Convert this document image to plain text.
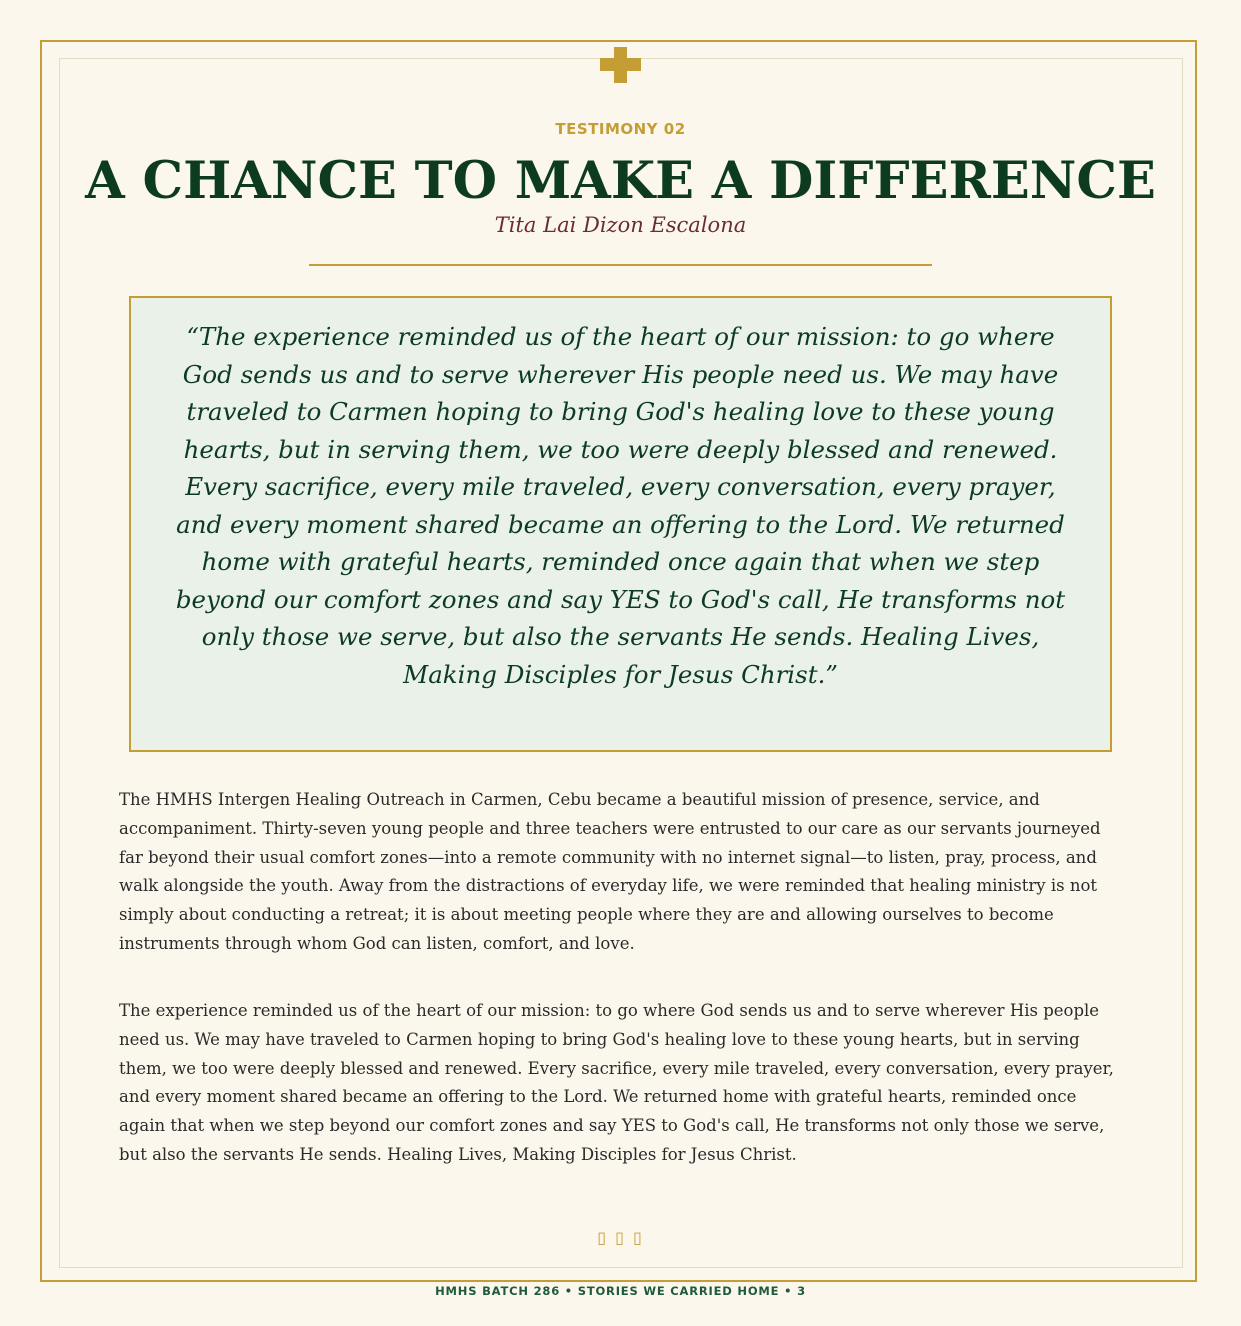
TESTIMONY 02
A CHANCE TO MAKE A DIFFERENCE
Tita Lai Dizon Escalona

“The experience reminded us of the heart of our mission: to go where God sends us and to serve wherever His people need us. We may have traveled to Carmen hoping to bring God's healing love to these young hearts, but in serving them, we too were deeply blessed and renewed. Every sacrifice, every mile traveled, every conversation, every prayer, and every moment shared became an offering to the Lord. We returned home with grateful hearts, reminded once again that when we step beyond our comfort zones and say YES to God's call, He transforms not only those we serve, but also the servants He sends. Healing Lives, Making Disciples for Jesus Christ.”

The HMHS Intergen Healing Outreach in Carmen, Cebu became a beautiful mission of presence, service, and accompaniment. Thirty-seven young people and three teachers were entrusted to our care as our servants journeyed far beyond their usual comfort zones—into a remote community with no internet signal—to listen, pray, process, and walk alongside the youth. Away from the distractions of everyday life, we were reminded that healing ministry is not simply about conducting a retreat; it is about meeting people where they are and allowing ourselves to become instruments through whom God can listen, comfort, and love.

The experience reminded us of the heart of our mission: to go where God sends us and to serve wherever His people need us. We may have traveled to Carmen hoping to bring God's healing love to these young hearts, but in serving them, we too were deeply blessed and renewed. Every sacrifice, every mile traveled, every conversation, every prayer, and every moment shared became an offering to the Lord. We returned home with grateful hearts, reminded once again that when we step beyond our comfort zones and say YES to God's call, He transforms not only those we serve, but also the servants He sends. Healing Lives, Making Disciples for Jesus Christ.

▯ ▯ ▯
HMHS BATCH 286 • STORIES WE CARRIED HOME • 3
